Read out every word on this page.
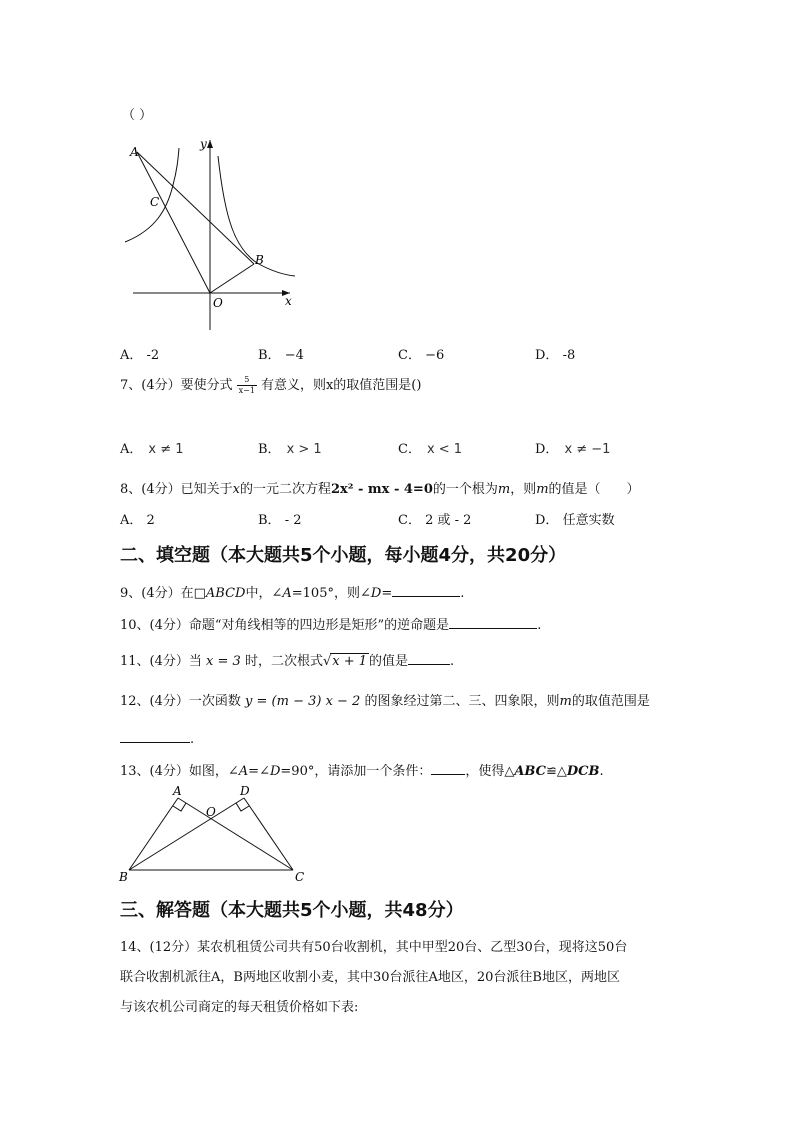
（ ）
A
C
B
O	x
y
A． -2	B． −4	C． −6	D． -8
7、(4分）要使分式 $\frac{5}{x-1}$ 有意义，则x的取值范围是()
A． x ≠ 1	B． x > 1	C． x < 1	D． x ≠ −1
8、(4分）已知关于x的一元二次方程2x² - mx - 4=0的一个根为m，则m的值是（　　）
A． 2	B． - 2	C． 2 或 - 2	D． 任意实数
二、填空题（本大题共5个小题，每小题4分，共20分）
9、(4分）在□ABCD中，∠A=105°，则∠D=	.
10、(4分）命题“对角线相等的四边形是矩形”的逆命题是	.
11、(4分）当 x = 3 时，二次根式√x + 1 的值是	.
12、(4分）一次函数 y = (m − 3) x − 2 的图象经过第二、三、四象限，则m的取值范围是
.
13、(4分）如图，∠A=∠D=90°，请添加一个条件：	，使得△ABC≌△DCB.
A	D
O
B	C
三、解答题（本大题共5个小题，共48分）
14、(12分）某农机租赁公司共有50台收割机，其中甲型20台、乙型30台，现将这50台
联合收割机派往A，B两地区收割小麦，其中30台派往A地区，20台派往B地区，两地区
与该农机公司商定的每天租赁价格如下表:
